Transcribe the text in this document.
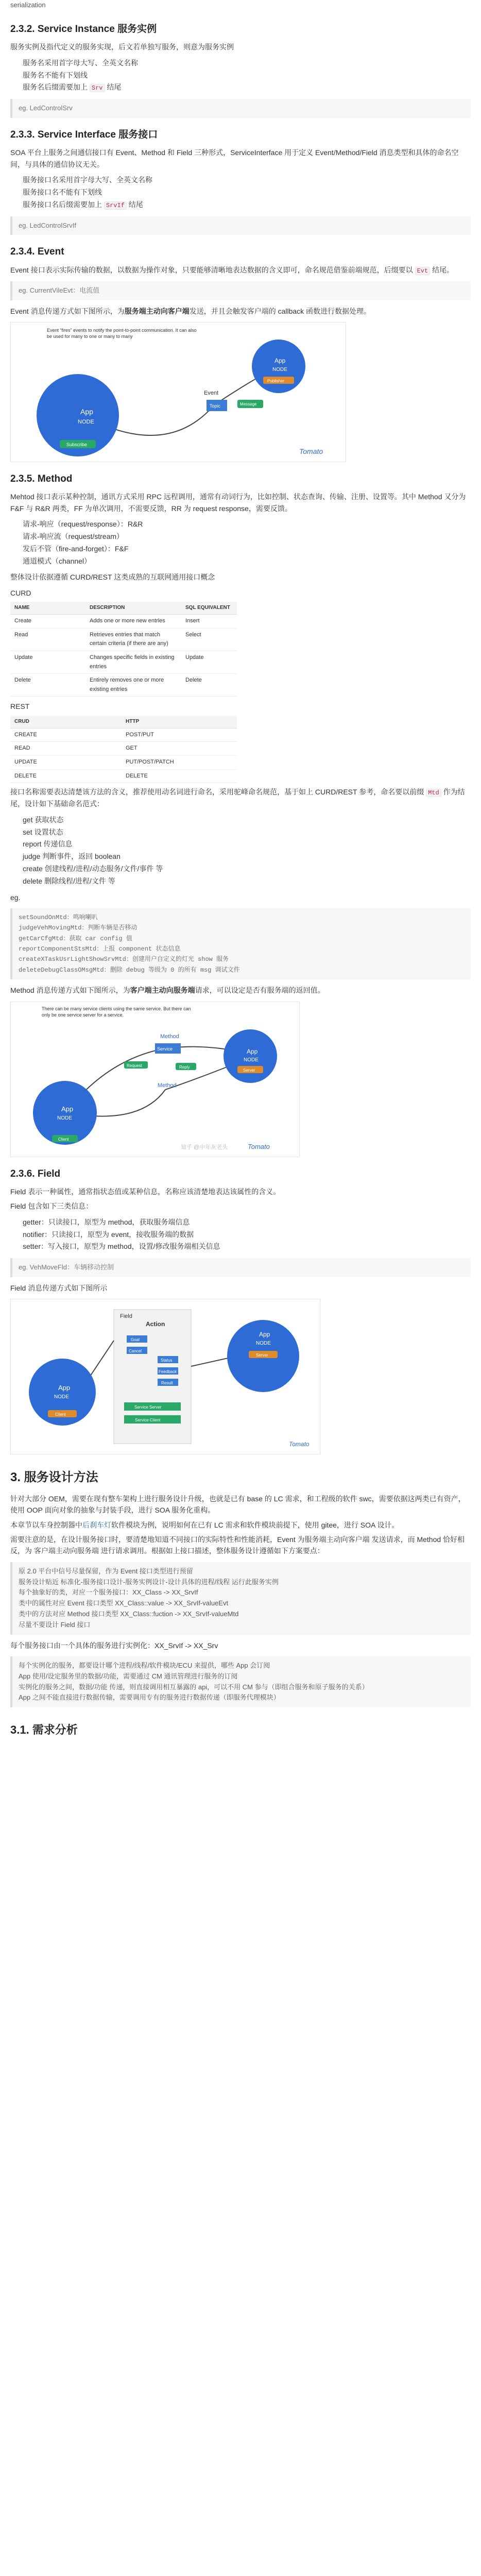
serialization
2.3.2. Service Instance 服务实例

服务实例及指代定义的服务实现，后文若单独写服务，则意为服务实例

服务名采用首字母大写、全英文名称
服务名不能有下划线
服务名后缀需要加上 Srv 结尾
eg. LedControlSrv
2.3.3. Service Interface 服务接口

SOA 平台上服务之间通信接口有 Event、Method 和 Field 三种形式，ServiceInterface 用于定义 Event/Method/Field 消息类型和具体的命名空间，与具体的通信协议无关。

服务接口名采用首字母大写、全英文名称
服务接口名不能有下划线
服务接口名后缀需要加上 SrvIf 结尾
eg. LedControlSrvIf
2.3.4. Event

Event 接口表示实际传输的数据，以数据为操作对象，只要能够清晰地表达数据的含义即可，命名规范借鉴前端规范，后缀要以 Evt 结尾。

eg. CurrentVileEvt：电流值

Event 消息传递方式如下图所示，为服务端主动向客户端发送，并且会触发客户端的 callback 函数进行数据处理。

App
NODE
Subscribe
App
NODE
Publisher
Topic
Event
Message
Event “fires” events to notify the point-to-point communication. It can also be used for many to one or many to many
Tomato
2.3.5. Method

Mehtod 接口表示某种控制，通讯方式采用 RPC 远程调用，通常有动词行为，比如控制、状态查询、传输、注册、设置等。其中 Method 又分为 F&F 与 R&R 两类，FF 为单次调用，不需要反馈，RR 为 request response，需要反馈。

请求-响应（request/response）：R&R
请求-响应流（request/stream）
发后不管（fire-and-forget）：F&F
通道模式（channel）

整体设计依据遵循 CURD/REST 这类成熟的互联网通用接口概念

CURD
NAME	DESCRIPTION	SQL EQUIVALENT
Create	Adds one or more new entries	Insert
Read	Retrieves entries that match certain criteria (if there are any)	Select
Update	Changes specific fields in existing entries	Update
Delete	Entirely removes one or more existing entries	Delete
REST
CRUD	HTTP
CREATE	POST/PUT
READ	GET
UPDATE	PUT/POST/PATCH
DELETE	DELETE

接口名称需要表达清楚该方法的含义，推荐使用动名词进行命名，采用驼峰命名规范，基于如上 CURD/REST 参考，命名要以前缀 Mtd 作为结尾，设计如下基础命名范式：

get 获取状态
set 设置状态
report 传递信息
judge 判断事件，返回 boolean
create 创建线程/进程/动态服务/文件/事件 等
delete 删除线程/进程/文件 等

eg.

setSoundOnMtd：鸣响喇叭
judgeVehMovingMtd：判断车辆是否移动
getCarCfgMtd：获取 car config 值
reportComponentStsMtd：上报 component 状态信息
createXTaskUsrLightShowSrvMtd：创建用户自定义的灯光 show 服务
deleteDebugClassOMsgMtd：删除 debug 等级为 0 的所有 msg 调试文件

Method 消息传递方式如下图所示，为客户端主动向服务端请求，可以设定是否有服务端的返回值。

There can be many service clients using the same service. But there can only be one service server for a service.
Method
Service
Request	Reply
Method
App
NODE
Client
App
NODE
Server
知乎 @中年灰老头	Tomato
2.3.6. Field

Field 表示一种属性，通常指状态值或某种信息，名称应该清楚地表达该属性的含义。

Field 包含如下三类信息：

getter：只读接口，原型为 method，获取服务端信息
notifier：只读接口，原型为 event，接收服务端的数据
setter：写入接口，原型为 method，设置/修改服务端相关信息
eg. VehMoveFld：车辆移动控制

Field 消息传递方式如下图所示

Field
Action
Goal
Cancel
Status
Feedback
Result
Service Server
Service Client
App
NODE
Client
App
NODE
Server
Tomato
3. 服务设计方法

针对大部分 OEM，需要在现有整车架构上进行服务设计升级，也就是已有 base 的 LC 需求，和工程级的软件 swc，需要依据这两类已有资产，使用 OOP 面向对象的抽象与封装手段，进行 SOA 服务化重构。

本章节以车身控制器中后刹车灯软件模块为例，说明如何在已有 LC 需求和软件模块前提下，使用 gitee，进行 SOA 设计。

需要注意的是，在设计服务接口时，要清楚地知道不同接口的实际特性和性能消耗，Event 为服务端主动向客户端 发送请求，而 Method 恰好相反，为 客户端主动向服务端 进行请求调用。根据如上接口描述，整体服务设计遵循如下方案要点：

原 2.0 平台中信号尽量保留，作为 Event 接口类型进行预留
服务设计贴近 标准化-服务接口设计-服务实例设计-设计具体的进程/线程 运行此服务实例
每个抽象好的类，对应一个服务接口：XX_Class -> XX_SrvIf
类中的属性对应 Event 接口类型 XX_Class::value -> XX_SrvIf-valueEvt
类中的方法对应 Method 接口类型 XX_Class::fuction -> XX_SrvIf-valueMtd
尽量不要设计 Field 接口

每个服务接口由一个具体的服务进行实例化：XX_SrvIf -> XX_Srv

每个实例化的服务，都要设计哪个进程/线程/软件模块/ECU 来提供，哪些 App 会订阅
App 使用/设定服务里的数据/功能，需要通过 CM 通讯管理进行服务的订阅
实例化的服务之间，数据/功能 传递，则直接调用相互暴露的 api，可以不用 CM 参与（即组合服务和原子服务的关系）
App 之间不能直接进行数据传输，需要调用专有的服务进行数据传递（即服务代理模块）
3.1. 需求分析
